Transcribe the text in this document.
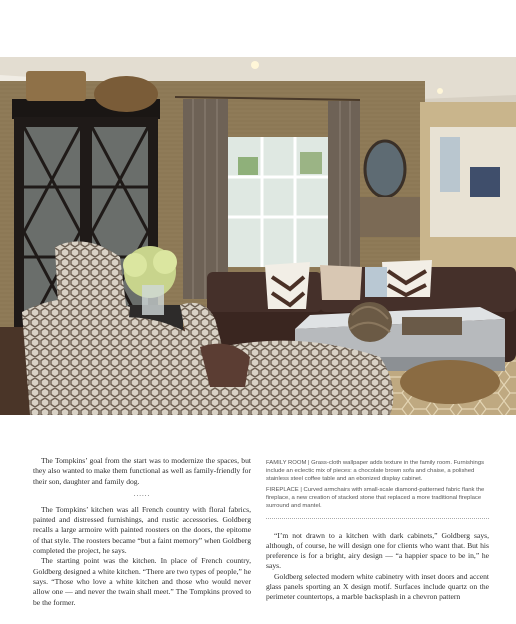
The Tompkins’ goal from the start was to modernize the spaces, but they also wanted to make them functional as well as family-friendly for their son, daughter and family dog.

......

The Tompkins’ kitchen was all French country with floral fabrics, painted and distressed furnishings, and rustic accessories. Goldberg recalls a large armoire with painted roosters on the doors, the epitome of that style. The roosters became “but a faint memory” when Goldberg completed the project, he says.

The starting point was the kitchen. In place of French country, Goldberg designed a white kitchen. “There are two types of people,” he says. “Those who love a white kitchen and those who would never allow one — and never the twain shall meet.” The Tompkins proved to be the former.

FAMILY ROOM | Grass-cloth wallpaper adds texture in the family room. Furnishings include an eclectic mix of pieces: a chocolate brown sofa and chaise, a polished stainless steel coffee table and an ebonized display cabinet.

FIREPLACE | Curved armchairs with small-scale diamond-patterned fabric flank the fireplace, a new creation of stacked stone that replaced a more traditional fireplace surround and mantel.

“I’m not drawn to a kitchen with dark cabinets,” Goldberg says, although, of course, he will design one for clients who want that. But his preference is for a bright, airy design — “a happier space to be in,” he says.

Goldberg selected modern white cabinetry with inset doors and accent glass panels sporting an X design motif. Surfaces include quartz on the perimeter countertops, a marble backsplash in a chevron pattern
